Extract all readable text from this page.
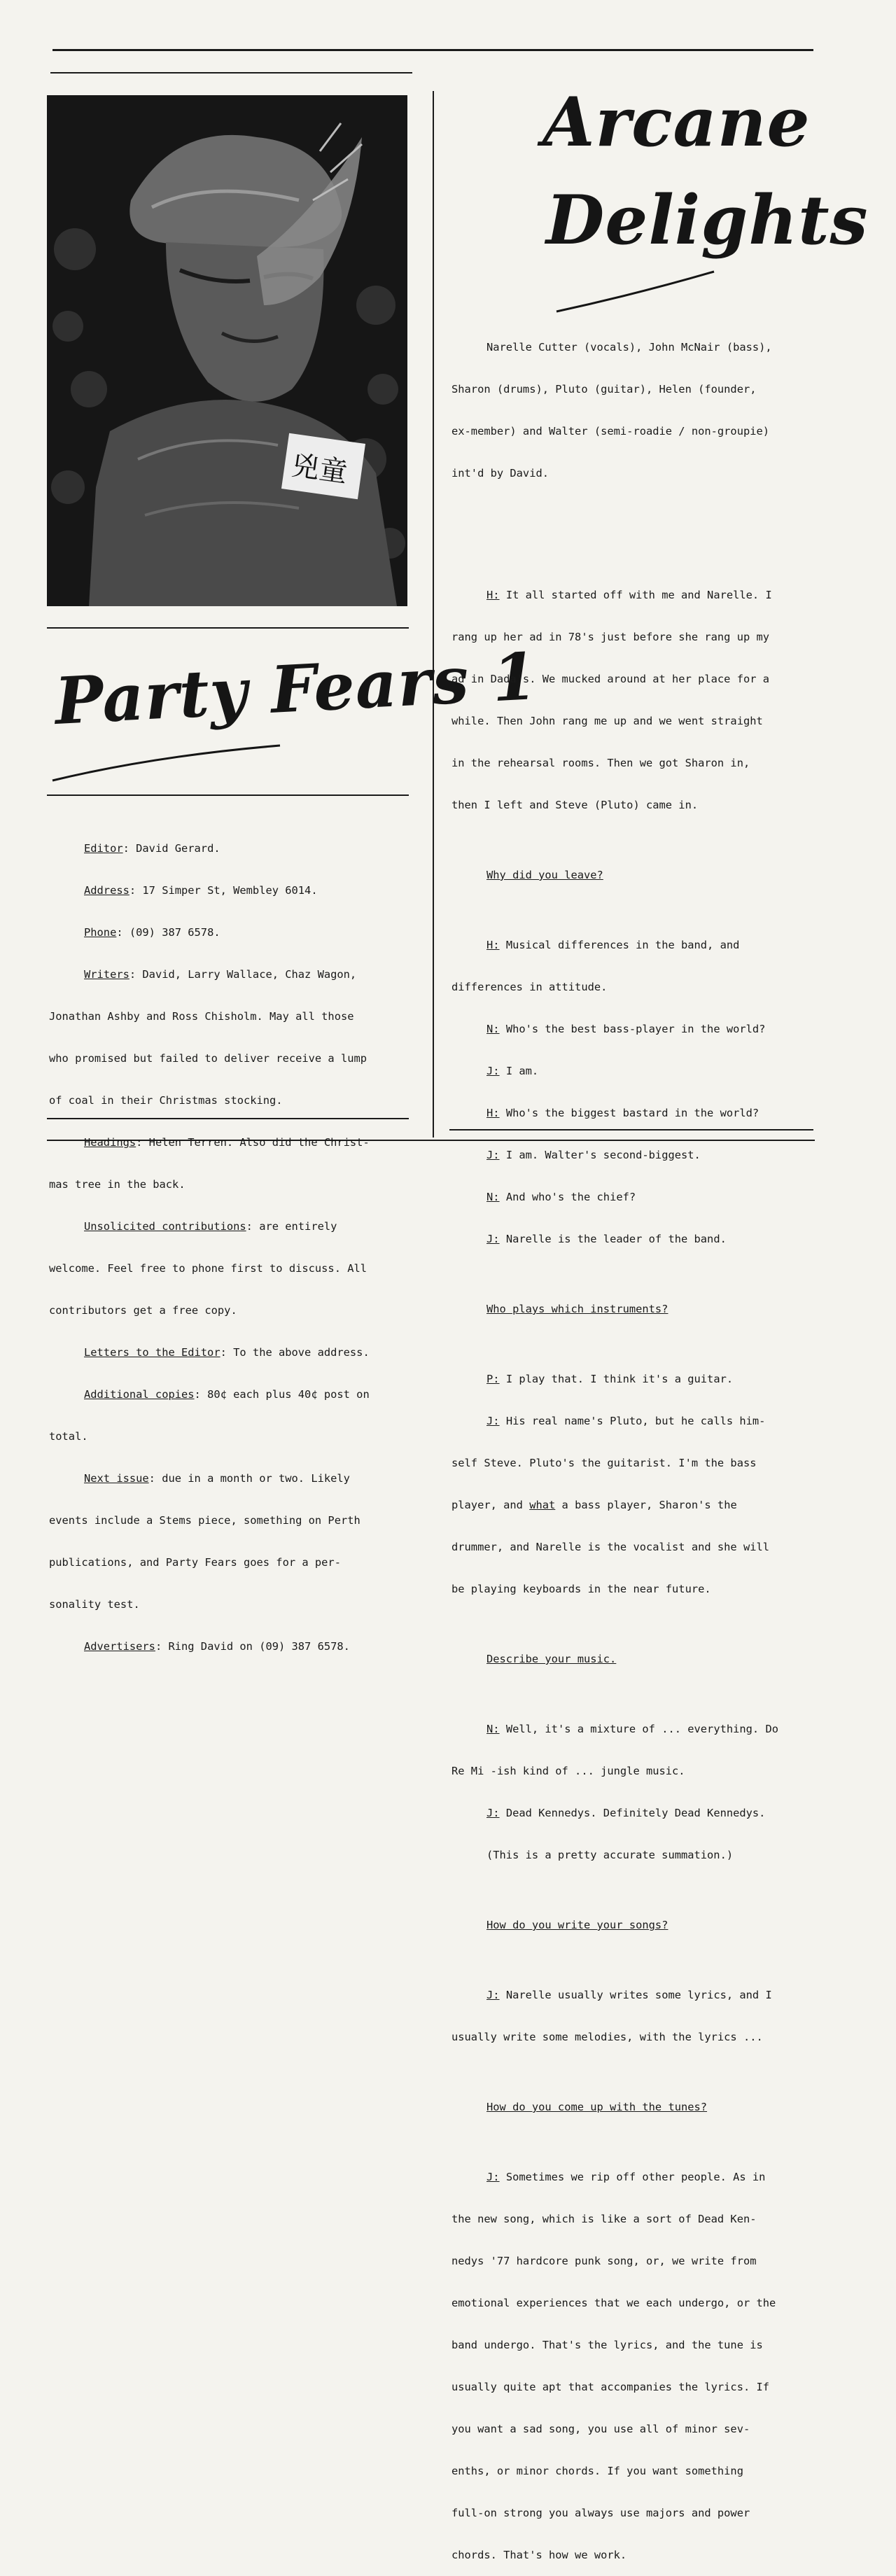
兇童
Party Fears 1

Editor: David Gerard.

Address: 17 Simper St, Wembley 6014.

Phone: (09) 387 6578.

Writers: David, Larry Wallace, Chaz Wagon,

Jonathan Ashby and Ross Chisholm. May all those

who promised but failed to deliver receive a lump

of coal in their Christmas stocking.

Headings: Helen Terren. Also did the Christ-

mas tree in the back.

Unsolicited contributions: are entirely

welcome. Feel free to phone first to discuss. All

contributors get a free copy.

Letters to the Editor: To the above address.

Additional copies: 80¢ each plus 40¢ post on

total.

Next issue: due in a month or two. Likely

events include a Stems piece, something on Perth

publications, and Party Fears goes for a per-

sonality test.

Advertisers: Ring David on (09) 387 6578.

Arcane
Delights

Narelle Cutter (vocals), John McNair (bass),

Sharon (drums), Pluto (guitar), Helen (founder,

ex-member) and Walter (semi-roadie / non-groupie)

int'd by David.

H: It all started off with me and Narelle. I

rang up her ad in 78's just before she rang up my

ad in Dada's. We mucked around at her place for a

while. Then John rang me up and we went straight

in the rehearsal rooms. Then we got Sharon in,

then I left and Steve (Pluto) came in.

Why did you leave?

H: Musical differences in the band, and

differences in attitude.

N: Who's the best bass-player in the world?

J: I am.

H: Who's the biggest bastard in the world?

J: I am. Walter's second-biggest.

N: And who's the chief?

J: Narelle is the leader of the band.

Who plays which instruments?

P: I play that. I think it's a guitar.

J: His real name's Pluto, but he calls him-

self Steve. Pluto's the guitarist. I'm the bass

player, and what a bass player, Sharon's the

drummer, and Narelle is the vocalist and she will

be playing keyboards in the near future.

Describe your music.

N: Well, it's a mixture of ... everything. Do

Re Mi -ish kind of ... jungle music.

J: Dead Kennedys. Definitely Dead Kennedys.

(This is a pretty accurate summation.)

How do you write your songs?

J: Narelle usually writes some lyrics, and I

usually write some melodies, with the lyrics ...

How do you come up with the tunes?

J: Sometimes we rip off other people. As in

the new song, which is like a sort of Dead Ken-

nedys '77 hardcore punk song, or, we write from

emotional experiences that we each undergo, or the

band undergo. That's the lyrics, and the tune is

usually quite apt that accompanies the lyrics. If

you want a sad song, you use all of minor sev-

enths, or minor chords. If you want something

full-on strong you always use majors and power

chords. That's how we work.
